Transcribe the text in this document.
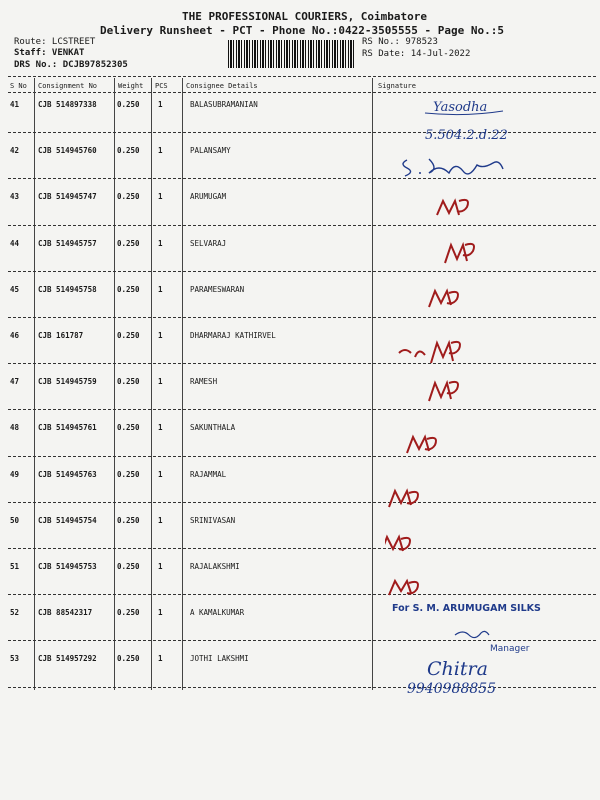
THE PROFESSIONAL COURIERS, Coimbatore
Delivery Runsheet - PCT - Phone No.:0422-3505555 - Page No.:5
Route: LCSTREET
Staff: VENKAT
DRS No.: DCJB97852305
RS No.: 978523
RS Date: 14-Jul-2022
S No Consignment No	Weight PCS	Consignee Details	Signature
41	CJB 514897338	0.250 1	BALASUBRAMANIAN
42	CJB 514945760	0.250 1	PALANSAMY
43	CJB 514945747	0.250 1	ARUMUGAM
44	CJB 514945757	0.250 1	SELVARAJ
45	CJB 514945758	0.250 1	PARAMESWARAN
46	CJB 161787	0.250 1	DHARMARAJ KATHIRVEL
47	CJB 514945759	0.250 1	RAMESH
48	CJB 514945761	0.250 1	SAKUNTHALA
49	CJB 514945763	0.250 1	RAJAMMAL
50	CJB 514945754	0.250 1	SRINIVASAN
51	CJB 514945753	0.250 1	RAJALAKSHMI
52	CJB 88542317	0.250 1	A KAMALKUMAR
53	CJB 514957292	0.250 1	JOTHI LAKSHMI
Yasodha
5.504.2.d.22
Chitra
9940988855
For S. M. ARUMUGAM SILKS
Manager
